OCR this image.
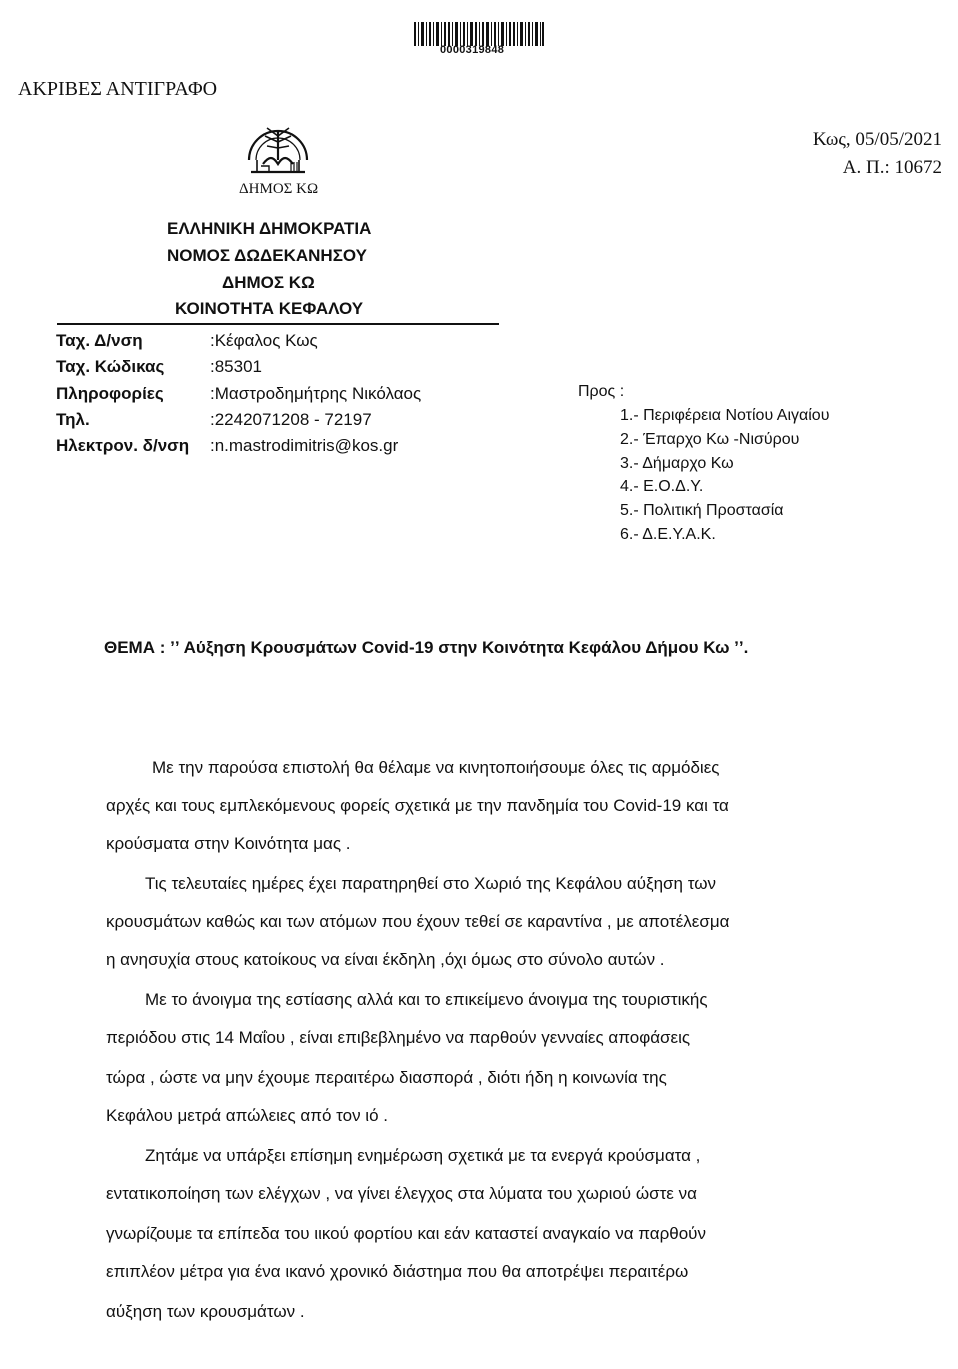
0000319848
ΑΚΡΙΒΕΣ ΑΝΤΙΓΡΑΦΟ
ΔΗΜΟΣ ΚΩ
Κως, 05/05/2021
Α. Π.: 10672
ΕΛΛΗΝΙΚΗ ΔΗΜΟΚΡΑΤΙΑ
ΝΟΜΟΣ ΔΩΔΕΚΑΝΗΣΟΥ
ΔΗΜΟΣ ΚΩ
ΚΟΙΝΟΤΗΤΑ ΚΕΦΑΛΟΥ
Ταχ. Δ/νση	:Κέφαλος Κως
Ταχ. Κώδικας	:85301
Πληροφορίες	:Μαστροδημήτρης Νικόλαος
Τηλ.	:2242071208 - 72197
Ηλεκτρον. δ/νση :n.mastrodimitris@kos.gr
Προς :
1.- Περιφέρεια Νοτίου Αιγαίου
2.- Έπαρχο Κω -Νισύρου
3.- Δήμαρχο Κω
4.- Ε.Ο.Δ.Υ.
5.- Πολιτική Προστασία
6.- Δ.Ε.Υ.Α.Κ.
ΘΕΜΑ : ʼʼ Αύξηση Κρουσμάτων Covid-19 στην Κοινότητα Κεφάλου Δήμου Κω ʼʼ.
Με την παρούσα επιστολή θα θέλαμε να κινητοποιήσουμε όλες τις αρμόδιες
αρχές και τους εμπλεκόμενους φορείς σχετικά με την πανδημία του Covid-19 και τα
κρούσματα στην Κοινότητα μας .
Τις τελευταίες ημέρες έχει παρατηρηθεί στο Χωριό της Κεφάλου αύξηση των
κρουσμάτων καθώς και των ατόμων που έχουν τεθεί σε καραντίνα , με αποτέλεσμα
η ανησυχία στους κατοίκους να είναι έκδηλη ,όχι όμως στο σύνολο αυτών .
Με το άνοιγμα της εστίασης αλλά και το επικείμενο άνοιγμα της τουριστικής
περιόδου στις 14 Μαΐου , είναι επιβεβλημένο να παρθούν γενναίες αποφάσεις
τώρα , ώστε να μην έχουμε περαιτέρω διασπορά , διότι ήδη η κοινωνία της
Κεφάλου μετρά απώλειες από τον ιό .
Ζητάμε να υπάρξει επίσημη ενημέρωση σχετικά με τα ενεργά κρούσματα ,
εντατικοποίηση των ελέγχων , να γίνει έλεγχος στα λύματα του χωριού ώστε να
γνωρίζουμε τα επίπεδα του ιικού φορτίου και εάν καταστεί αναγκαίο να παρθούν
επιπλέον μέτρα για ένα ικανό χρονικό διάστημα που θα αποτρέψει περαιτέρω
αύξηση των κρουσμάτων .
